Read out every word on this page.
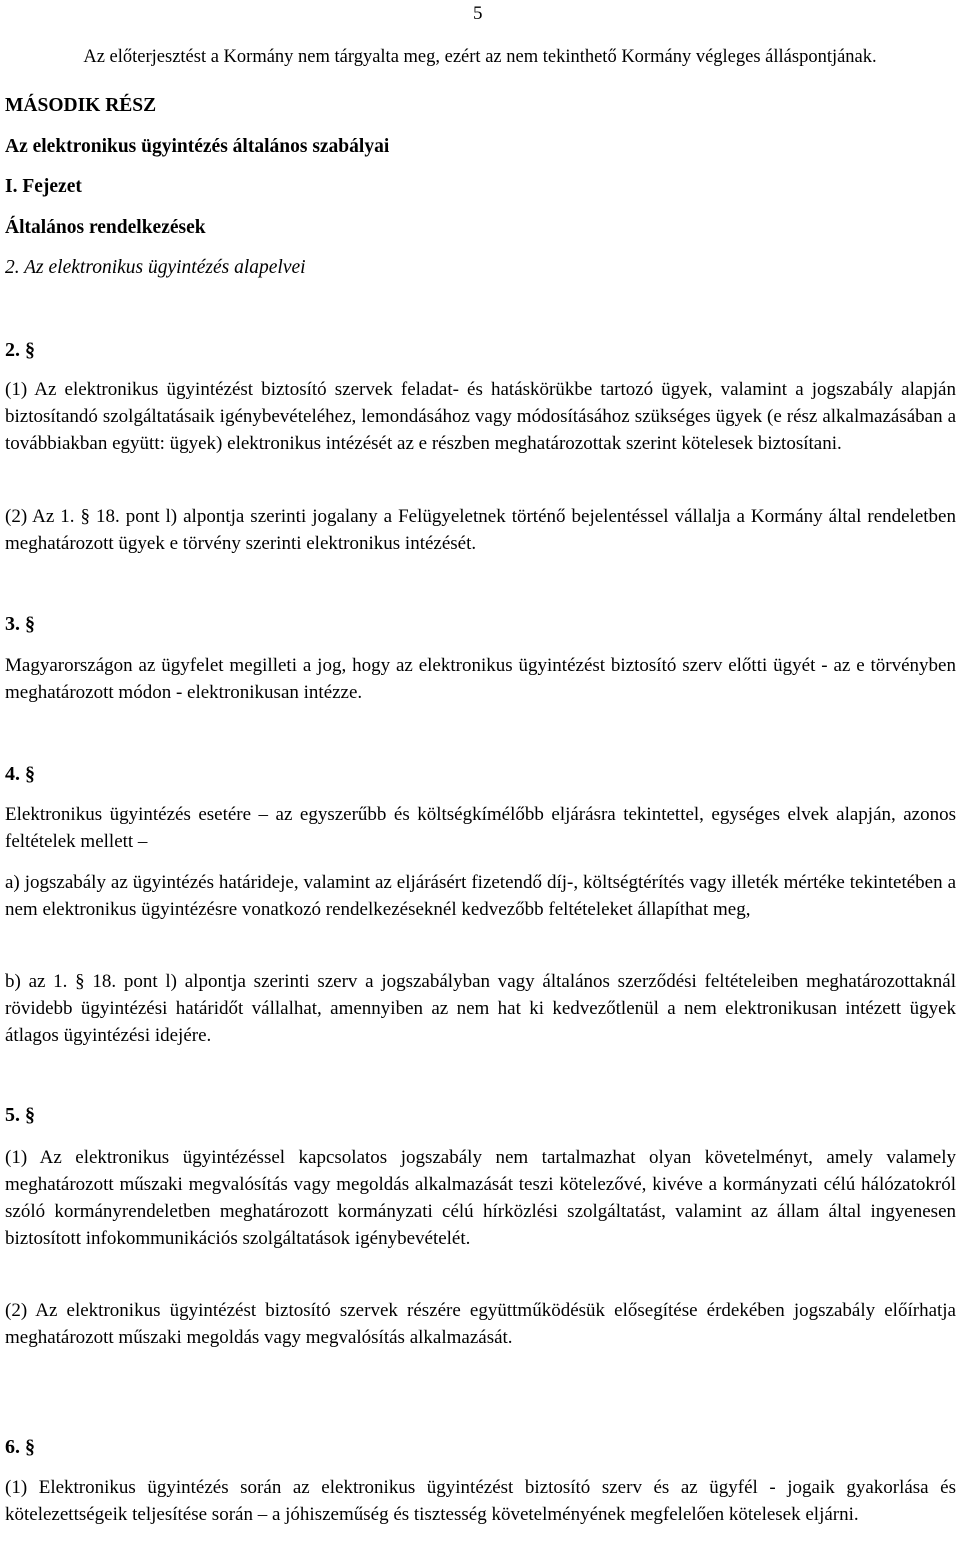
5
Az előterjesztést a Kormány nem tárgyalta meg, ezért az nem tekinthető Kormány végleges álláspontjának.
MÁSODIK RÉSZ
Az elektronikus ügyintézés általános szabályai
I. Fejezet
Általános rendelkezések
2. Az elektronikus ügyintézés alapelvei
2. §

(1) Az elektronikus ügyintézést biztosító szervek feladat- és hatáskörükbe tartozó ügyek, valamint a jogszabály alapján biztosítandó szolgáltatásaik igénybevételéhez, lemondásához vagy módosításához szükséges ügyek (e rész alkalmazásában a továbbiakban együtt: ügyek) elektronikus intézését az e részben meghatározottak szerint kötelesek biztosítani.

(2) Az 1. § 18. pont l) alpontja szerinti jogalany a Felügyeletnek történő bejelentéssel vállalja a Kormány által rendeletben meghatározott ügyek e törvény szerinti elektronikus intézését.

3. §

Magyarországon az ügyfelet megilleti a jog, hogy az elektronikus ügyintézést biztosító szerv előtti ügyét - az e törvényben meghatározott módon - elektronikusan intézze.

4. §

Elektronikus ügyintézés esetére – az egyszerűbb és költségkímélőbb eljárásra tekintettel, egységes elvek alapján, azonos feltételek mellett –

a) jogszabály az ügyintézés határideje, valamint az eljárásért fizetendő díj-, költségtérítés vagy illeték mértéke tekintetében a nem elektronikus ügyintézésre vonatkozó rendelkezéseknél kedvezőbb feltételeket állapíthat meg,

b) az 1. § 18. pont l) alpontja szerinti szerv a jogszabályban vagy általános szerződési feltételeiben meghatározottaknál rövidebb ügyintézési határidőt vállalhat, amennyiben az nem hat ki kedvezőtlenül a nem elektronikusan intézett ügyek átlagos ügyintézési idejére.

5. §

(1) Az elektronikus ügyintézéssel kapcsolatos jogszabály nem tartalmazhat olyan követelményt, amely valamely meghatározott műszaki megvalósítás vagy megoldás alkalmazását teszi kötelezővé, kivéve a kormányzati célú hálózatokról szóló kormányrendeletben meghatározott kormányzati célú hírközlési szolgáltatást, valamint az állam által ingyenesen biztosított infokommunikációs szolgáltatások igénybevételét.

(2) Az elektronikus ügyintézést biztosító szervek részére együttműködésük elősegítése érdekében jogszabály előírhatja meghatározott műszaki megoldás vagy megvalósítás alkalmazását.

6. §

(1) Elektronikus ügyintézés során az elektronikus ügyintézést biztosító szerv és az ügyfél - jogaik gyakorlása és kötelezettségeik teljesítése során – a jóhiszeműség és tisztesség követelményének megfelelően kötelesek eljárni.
